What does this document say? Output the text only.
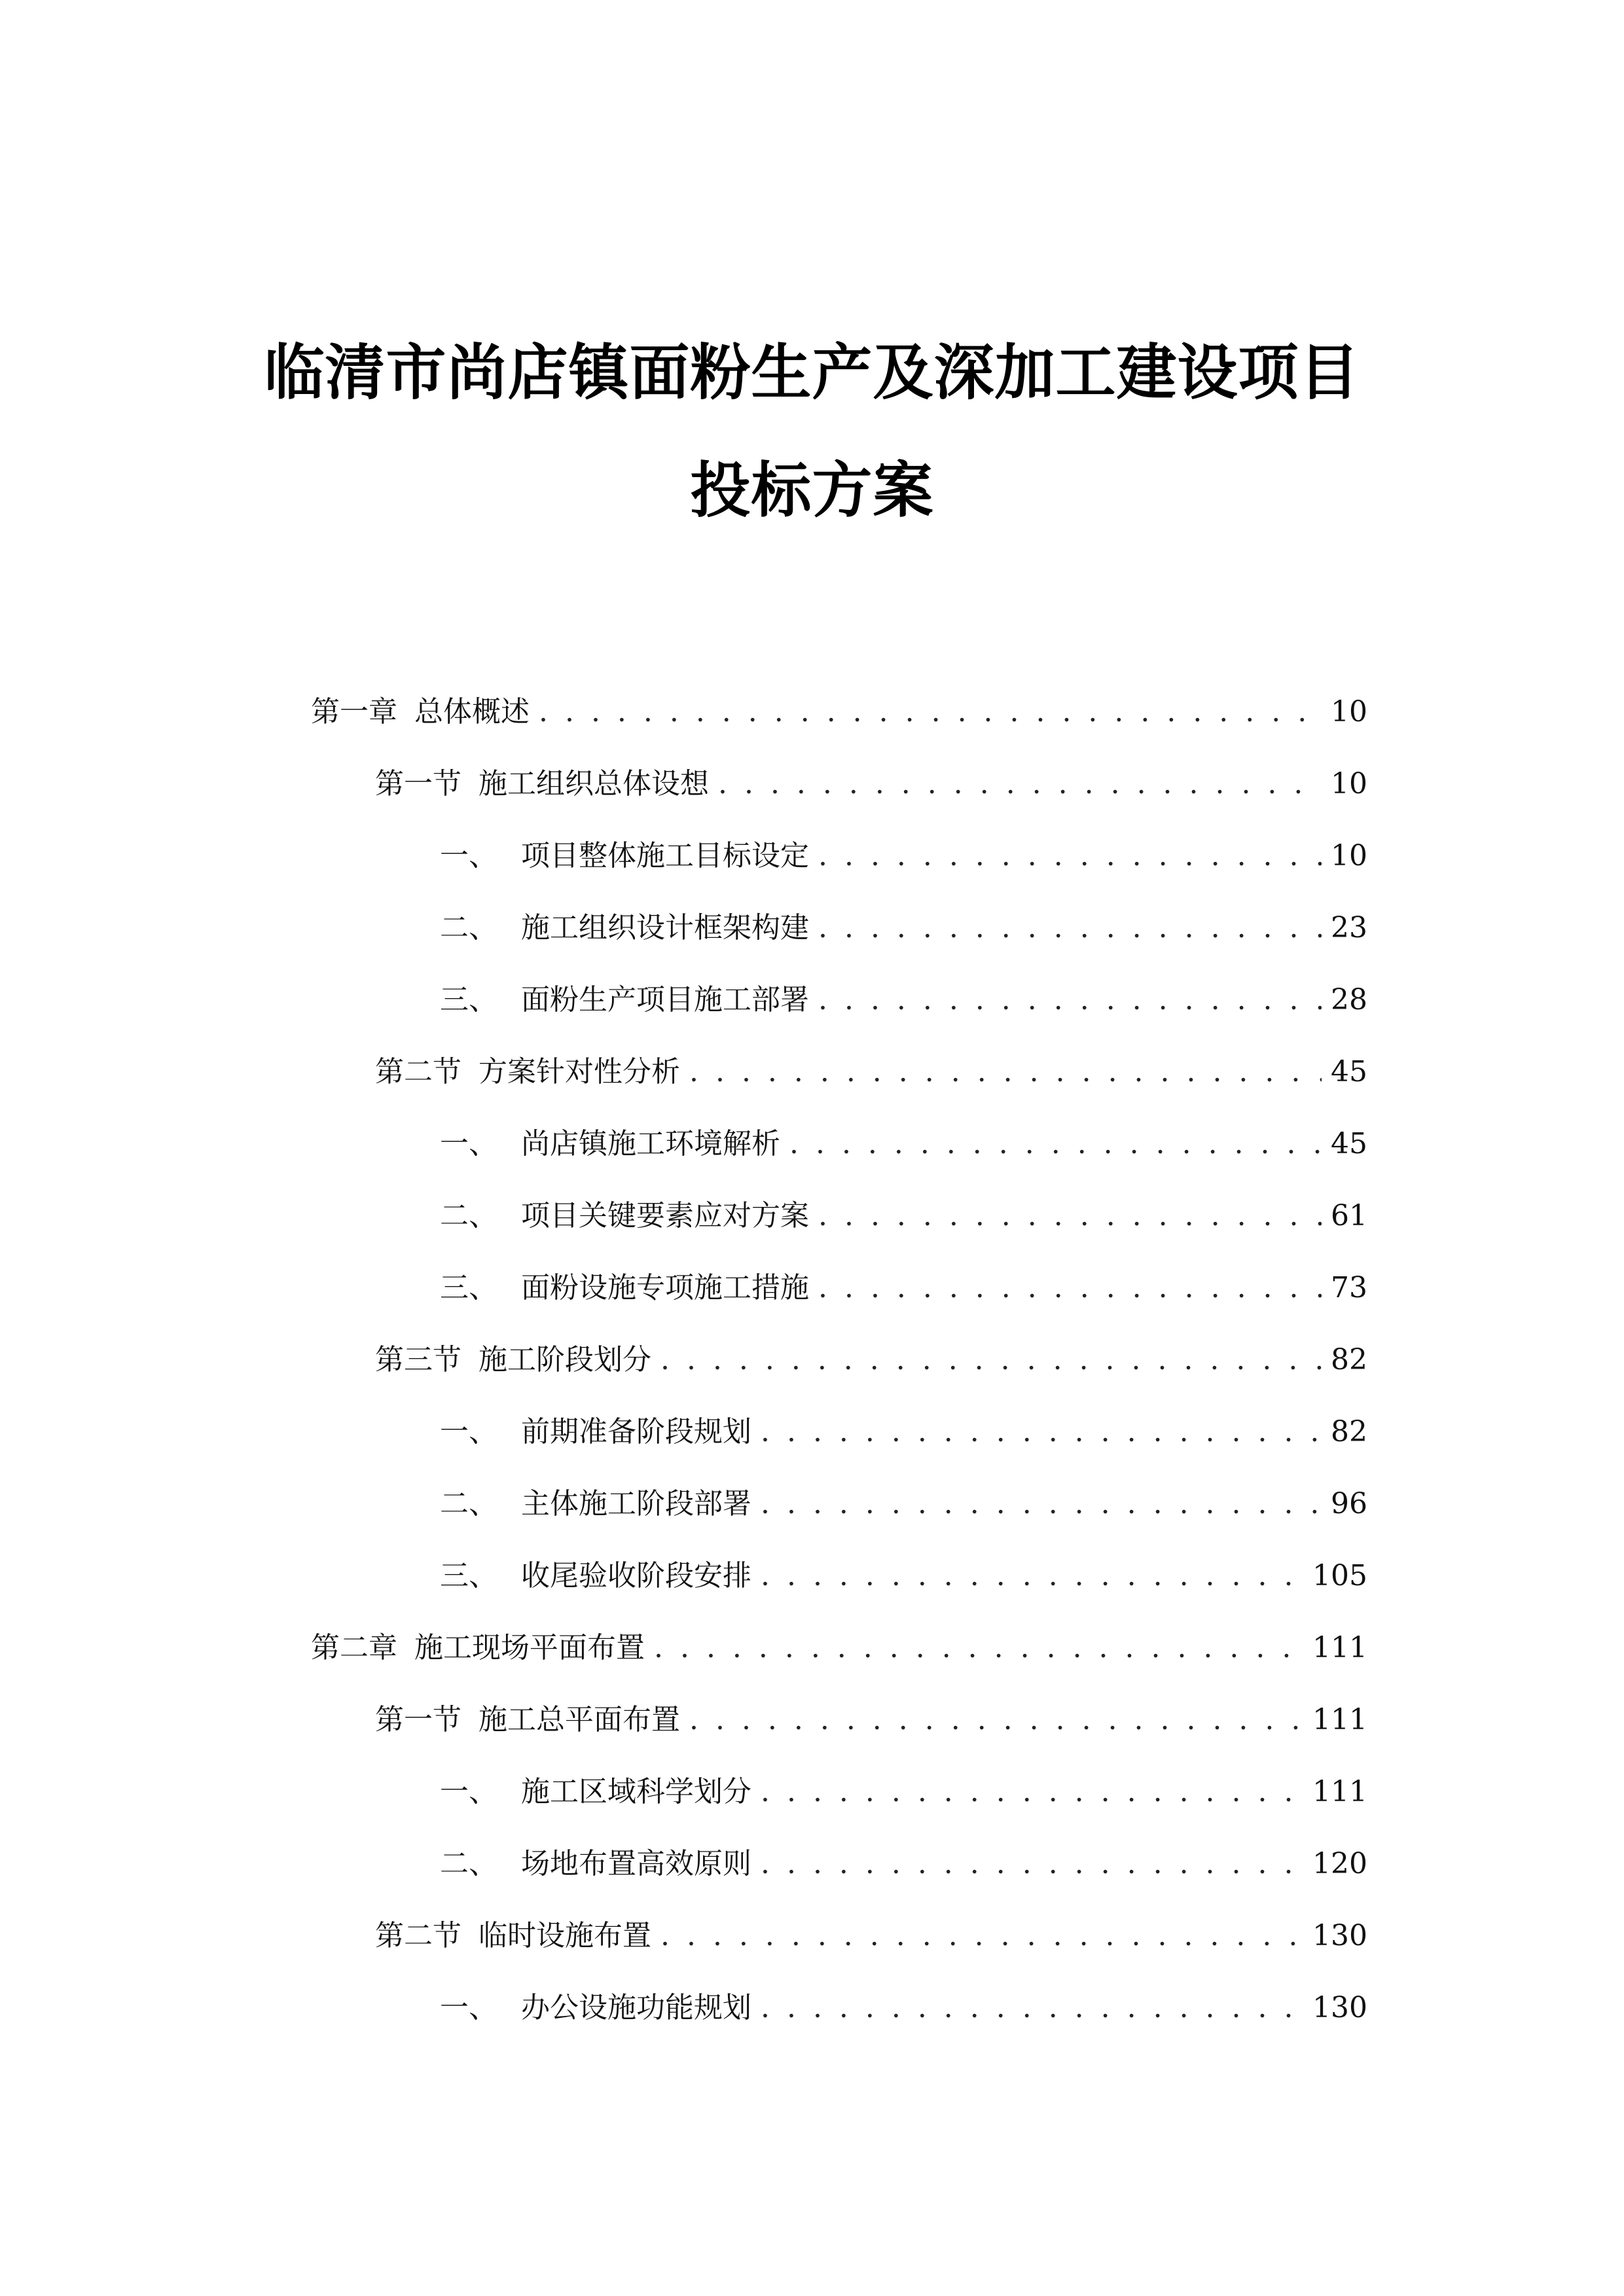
临清市尚店镇面粉生产及深加工建设项目
投标方案
第一章 总体概述 . . .	10
第一节 施工组织总体设想 . . .	10
一、 项目整体施工目标设定 . . .	10
二、 施工组织设计框架构建 . . .	23
三、 面粉生产项目施工部署 . . .	28
第二节 方案针对性分析 . . .	45
一、 尚店镇施工环境解析 . . .	45
二、 项目关键要素应对方案 . . .	61
三、 面粉设施专项施工措施 . . .	73
第三节 施工阶段划分 . . .	82
一、 前期准备阶段规划 . . .	82
二、 主体施工阶段部署 . . .	96
三、 收尾验收阶段安排 . . .	105
第二章 施工现场平面布置 . . .	111
第一节 施工总平面布置 . . .	111
一、 施工区域科学划分 . . .	111
二、 场地布置高效原则 . . .	120
第二节 临时设施布置 . . .	130
一、 办公设施功能规划 . . .	130
